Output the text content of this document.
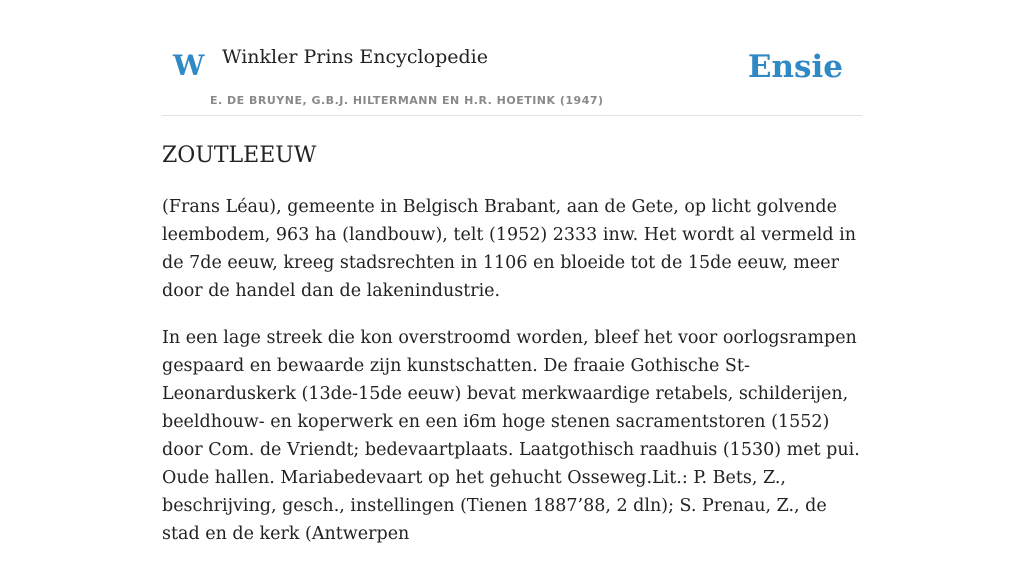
W Winkler Prins Encyclopedie
E. DE BRUYNE, G.B.J. HILTERMANN EN H.R. HOETINK (1947)
Ensie
ZOUTLEEUW

(Frans Léau), gemeente in Belgisch Brabant, aan de Gete, op licht golvende leembodem, 963 ha (landbouw), telt (1952) 2333 inw. Het wordt al vermeld in de 7de eeuw, kreeg stadsrechten in 1106 en bloeide tot de 15de eeuw, meer door de handel dan de lakenindustrie.

In een lage streek die kon overstroomd worden, bleef het voor oorlogsrampen gespaard en bewaarde zijn kunstschatten. De fraaie Gothische St-Leonarduskerk (13de-15de eeuw) bevat merkwaardige retabels, schilderijen, beeldhouw- en koperwerk en een i6m hoge stenen sacramentstoren (1552) door Com. de Vriendt; bedevaartplaats. Laatgothisch raadhuis (1530) met pui. Oude hallen. Mariabedevaart op het gehucht Osseweg.Lit.: P. Bets, Z., beschrijving, gesch., instellingen (Tienen 1887’88, 2 dln); S. Prenau, Z., de stad en de kerk (Antwerpen
